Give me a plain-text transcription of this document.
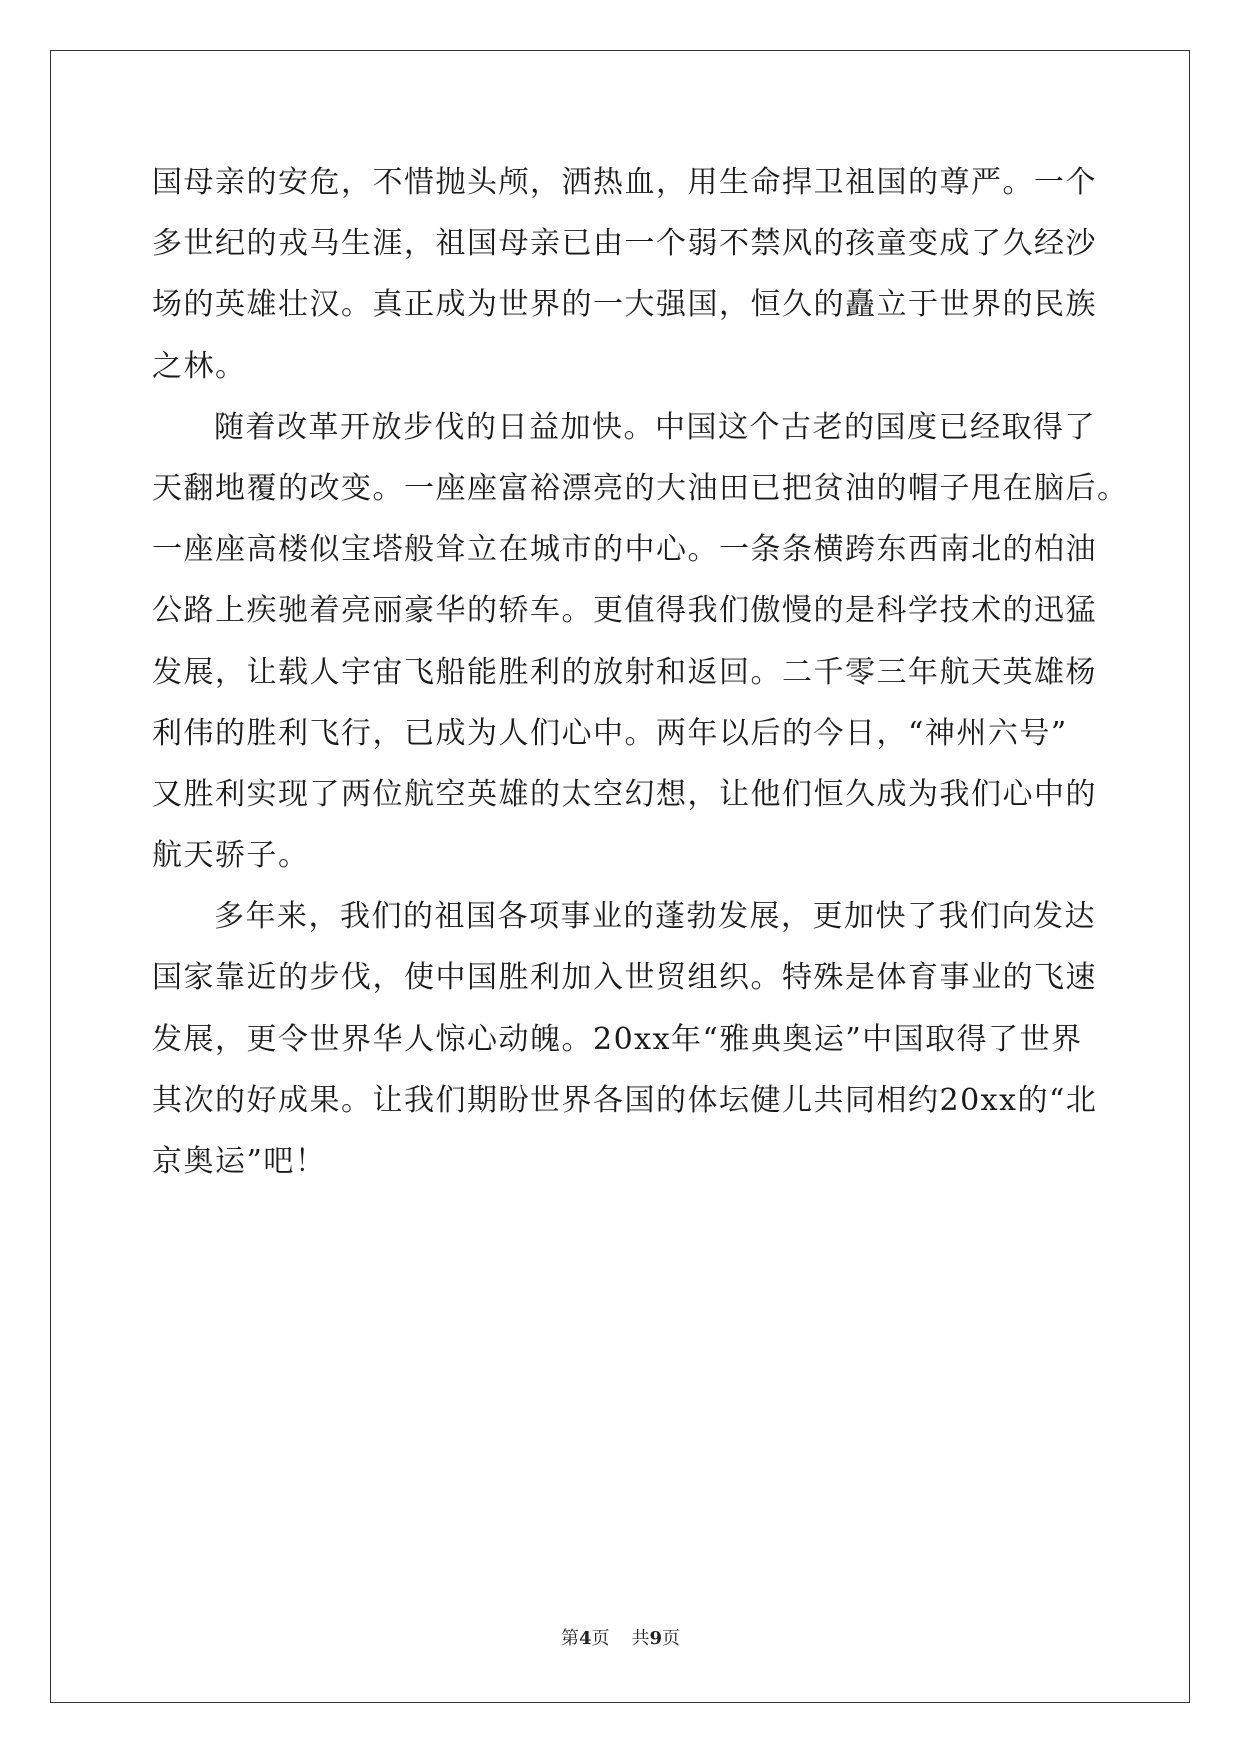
国母亲的安危，不惜抛头颅，洒热血，用生命捍卫祖国的尊严。一个

多世纪的戎马生涯，祖国母亲已由一个弱不禁风的孩童变成了久经沙

场的英雄壮汉。真正成为世界的一大强国，恒久的矗立于世界的民族

之林。

随着改革开放步伐的日益加快。中国这个古老的国度已经取得了

天翻地覆的改变。一座座富裕漂亮的大油田已把贫油的帽子甩在脑后。

一座座高楼似宝塔般耸立在城市的中心。一条条横跨东西南北的柏油

公路上疾驰着亮丽豪华的轿车。更值得我们傲慢的是科学技术的迅猛

发展，让载人宇宙飞船能胜利的放射和返回。二千零三年航天英雄杨

利伟的胜利飞行，已成为人们心中。两年以后的今日，“神州六号”

又胜利实现了两位航空英雄的太空幻想，让他们恒久成为我们心中的

航天骄子。

多年来，我们的祖国各项事业的蓬勃发展，更加快了我们向发达

国家靠近的步伐，使中国胜利加入世贸组织。特殊是体育事业的飞速

发展，更令世界华人惊心动魄。20xx年“雅典奥运”中国取得了世界

其次的好成果。让我们期盼世界各国的体坛健儿共同相约20xx的“北

京奥运”吧！

第4页 共9页
